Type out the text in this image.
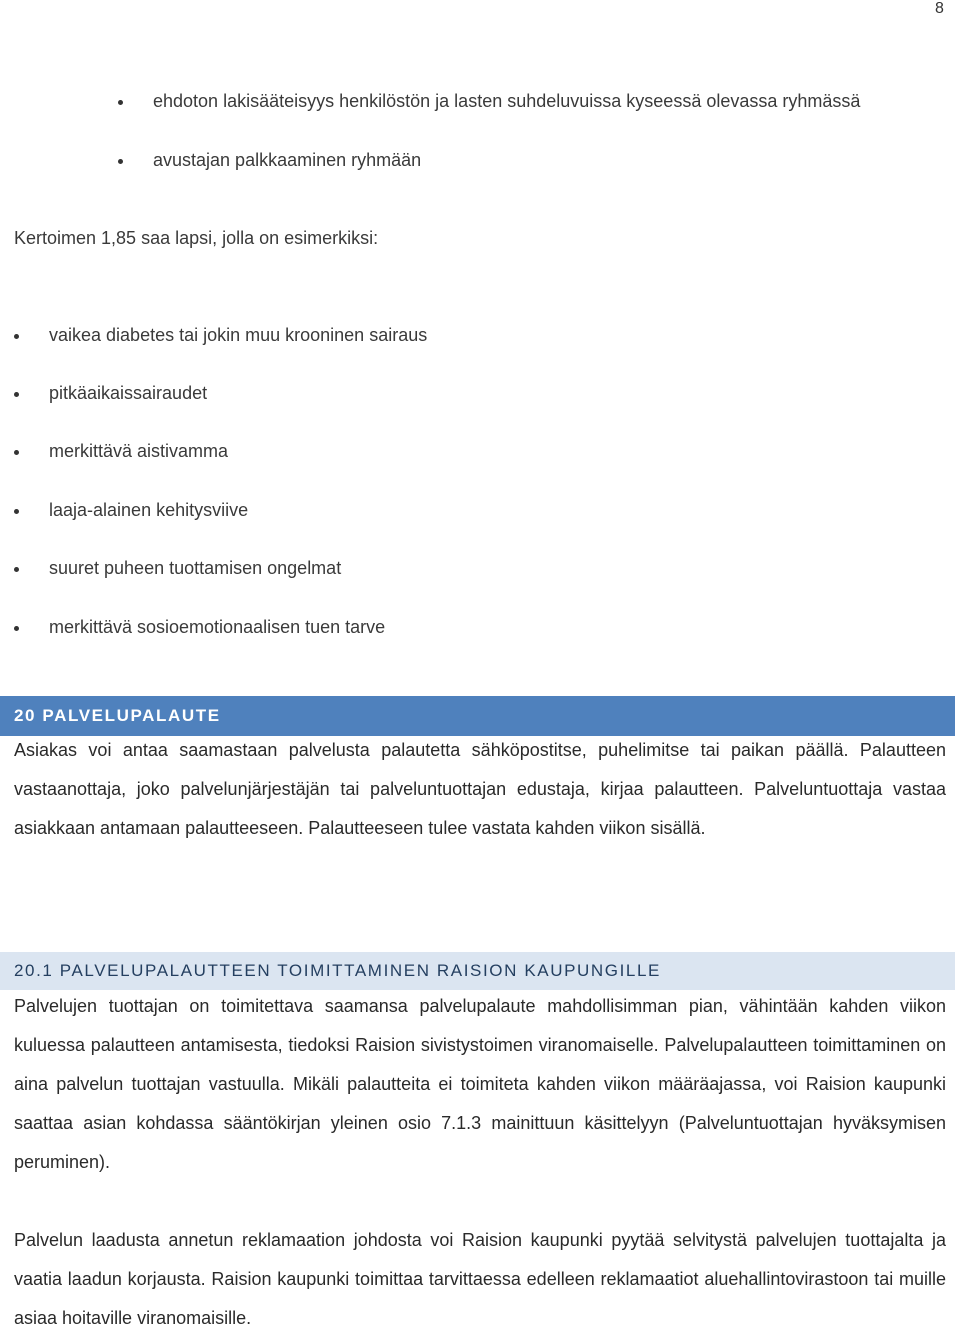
8
ehdoton lakisääteisyys henkilöstön ja lasten suhdeluvuissa kyseessä olevassa ryhmässä
avustajan palkkaaminen ryhmään
Kertoimen 1,85 saa lapsi, jolla on esimerkiksi:
vaikea diabetes tai jokin muu krooninen sairaus
pitkäaikaissairaudet
merkittävä aistivamma
laaja-alainen kehitysviive
suuret puheen tuottamisen ongelmat
merkittävä sosioemotionaalisen tuen tarve
20 PALVELUPALAUTE
Asiakas voi antaa saamastaan palvelusta palautetta sähköpostitse, puhelimitse tai paikan päällä. Palautteen vastaanottaja, joko palvelunjärjestäjän tai palveluntuottajan edustaja, kirjaa palautteen. Palveluntuottaja vastaa asiakkaan antamaan palautteeseen. Palautteeseen tulee vastata kahden viikon sisällä.
20.1 PALVELUPALAUTTEEN TOIMITTAMINEN RAISION KAUPUNGILLE
Palvelujen tuottajan on toimitettava saamansa palvelupalaute mahdollisimman pian, vähintään kahden viikon kuluessa palautteen antamisesta, tiedoksi Raision sivistystoimen viranomaiselle. Palvelupalautteen toimittaminen on aina palvelun tuottajan vastuulla. Mikäli palautteita ei toimiteta kahden viikon määräajassa, voi Raision kaupunki saattaa asian kohdassa sääntökirjan yleinen osio 7.1.3 mainittuun käsittelyyn (Palveluntuottajan hyväksymisen peruminen).
Palvelun laadusta annetun reklamaation johdosta voi Raision kaupunki pyytää selvitystä palvelujen tuottajalta ja vaatia laadun korjausta. Raision kaupunki toimittaa tarvittaessa edelleen reklamaatiot aluehallintovirastoon tai muille asiaa hoitaville viranomaisille.
